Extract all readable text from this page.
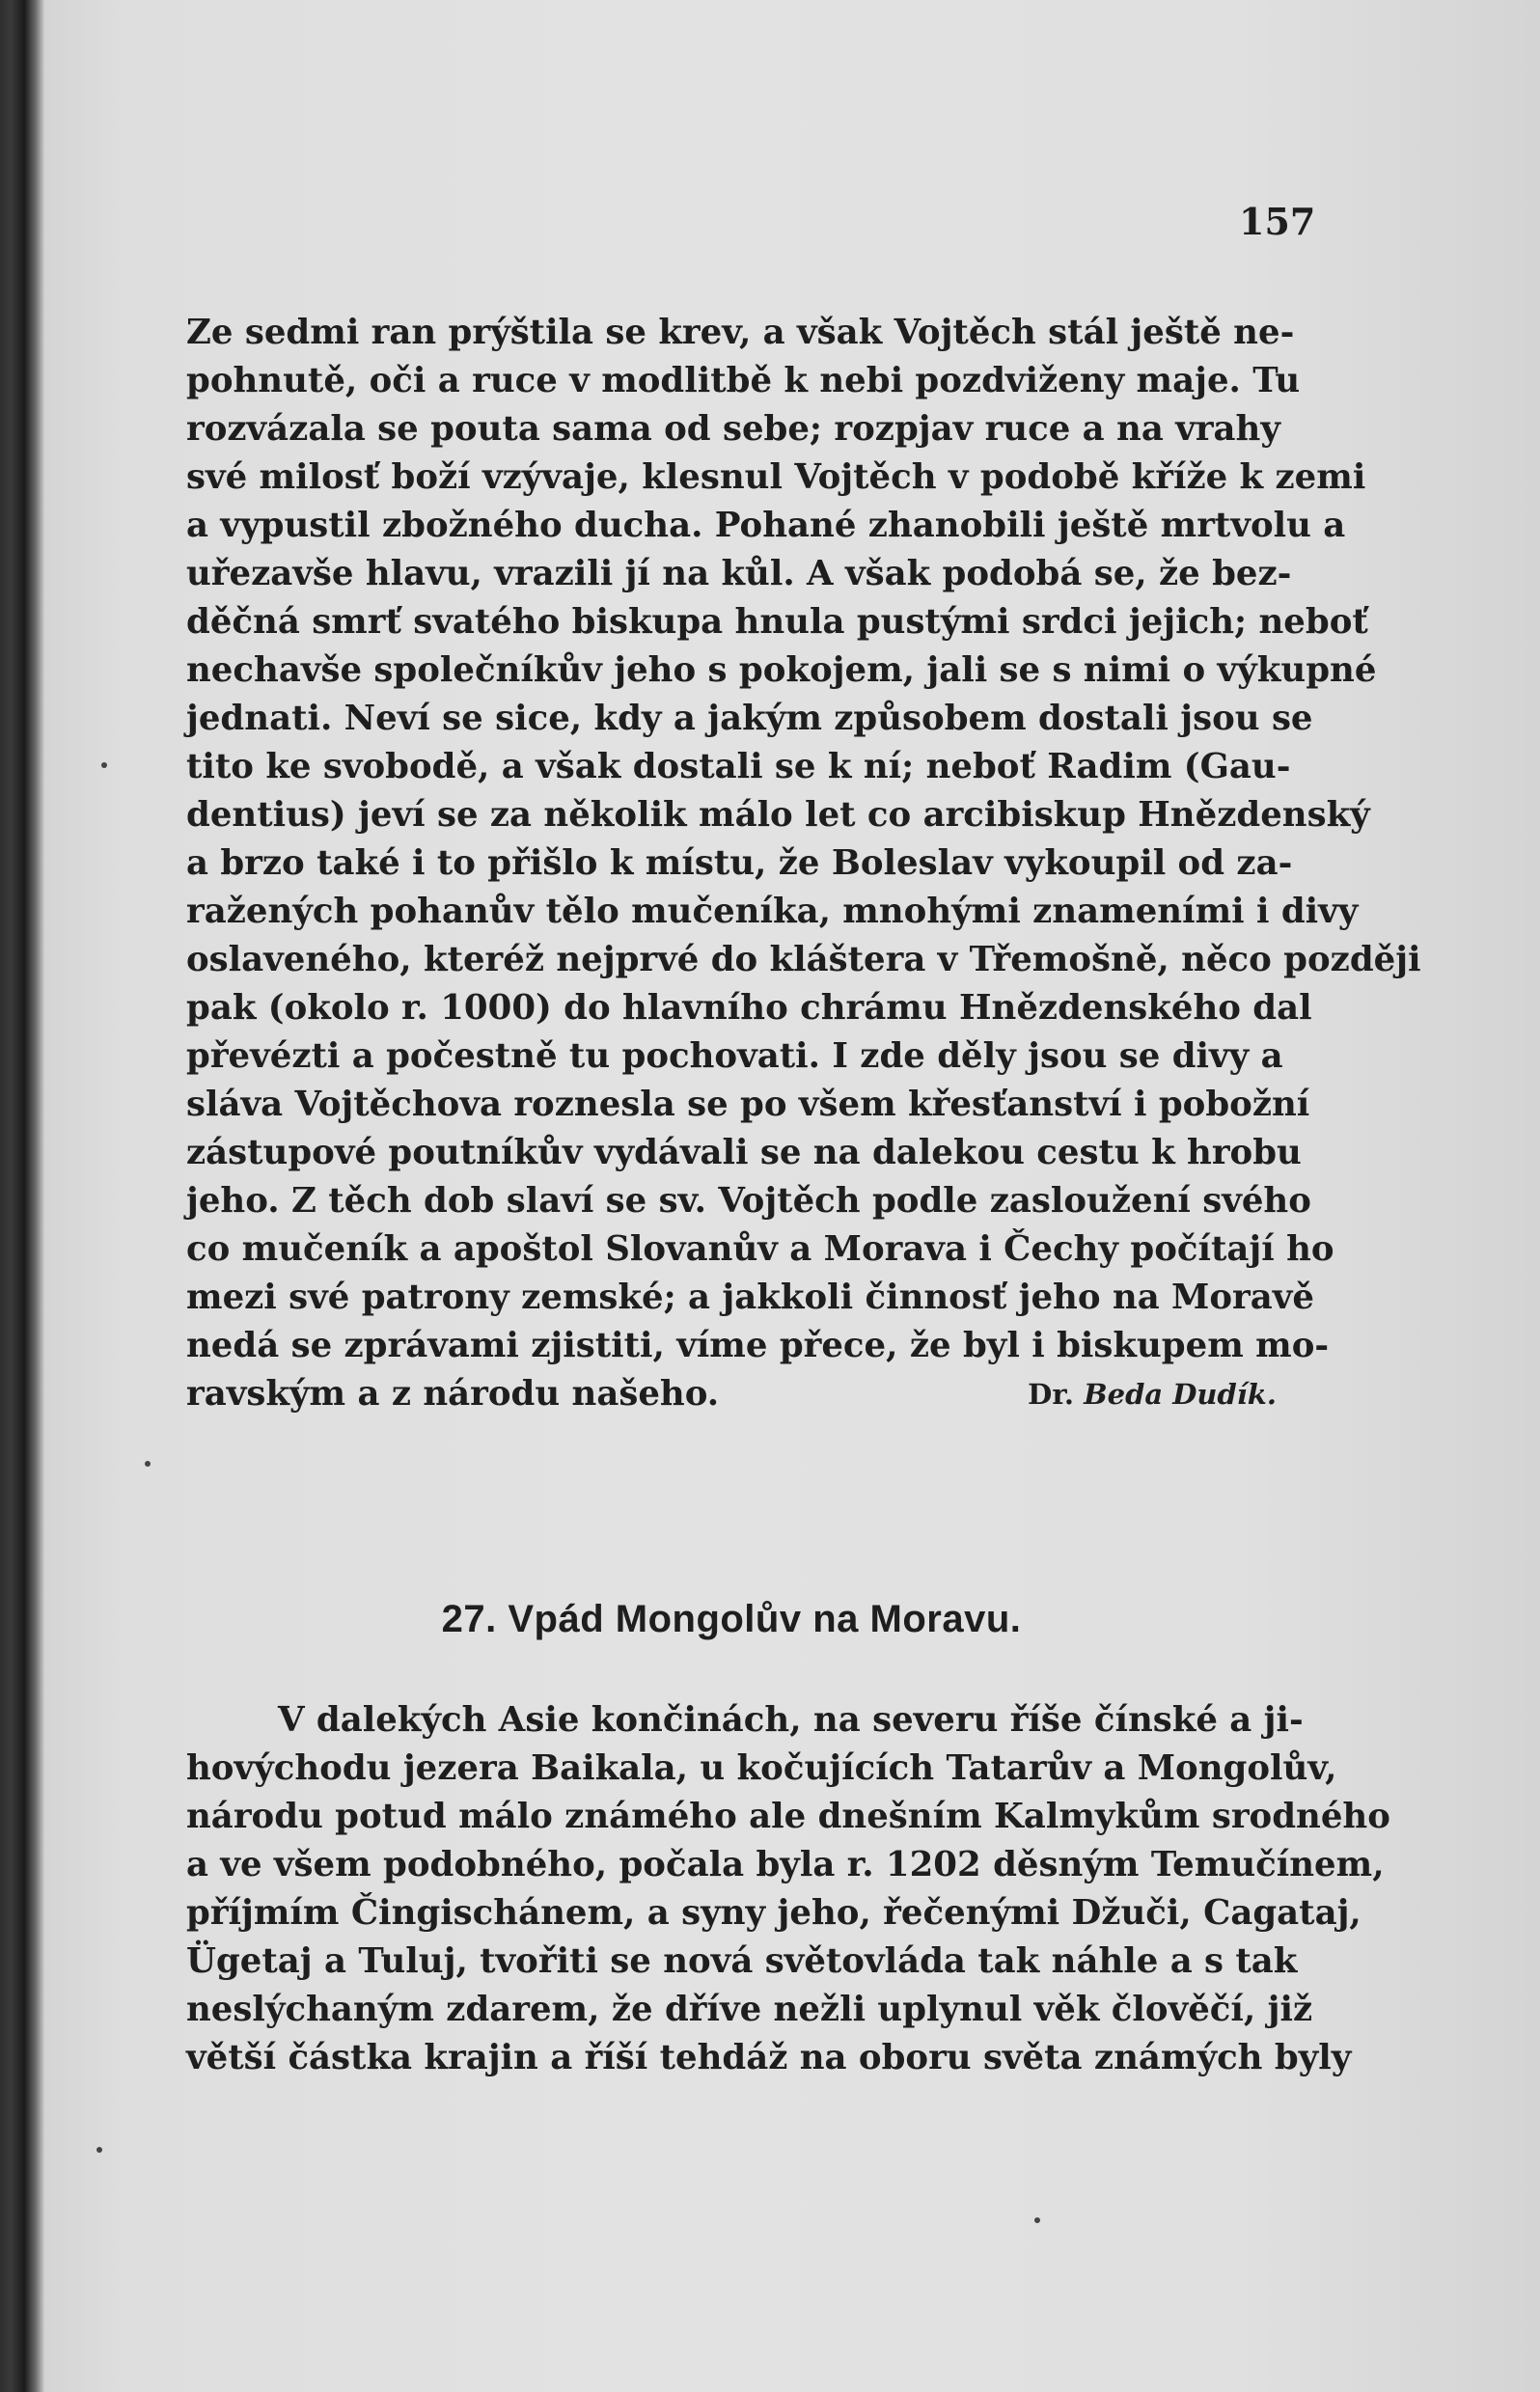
157
Ze sedmi ran prýštila se krev, a však Vojtěch stál ještě ne-
pohnutě, oči a ruce v modlitbě k nebi pozdviženy maje. Tu
rozvázala se pouta sama od sebe; rozpjav ruce a na vrahy
své milosť boží vzývaje, klesnul Vojtěch v podobě kříže k zemi
a vypustil zbožného ducha. Pohané zhanobili ještě mrtvolu a
uřezavše hlavu, vrazili jí na kůl. A však podobá se, že bez-
děčná smrť svatého biskupa hnula pustými srdci jejich; neboť
nechavše společníkův jeho s pokojem, jali se s nimi o výkupné
jednati. Neví se sice, kdy a jakým způsobem dostali jsou se
tito ke svobodě, a však dostali se k ní; neboť Radim (Gau-
dentius) jeví se za několik málo let co arcibiskup Hnězdenský
a brzo také i to přišlo k místu, že Boleslav vykoupil od za-
ražených pohanův tělo mučeníka, mnohými znameními i divy
oslaveného, kteréž nejprvé do kláštera v Třemošně, něco později
pak (okolo r. 1000) do hlavního chrámu Hnězdenského dal
převézti a počestně tu pochovati. I zde děly jsou se divy a
sláva Vojtěchova roznesla se po všem křesťanství i pobožní
zástupové poutníkův vydávali se na dalekou cestu k hrobu
jeho. Z těch dob slaví se sv. Vojtěch podle zasloužení svého
co mučeník a apoštol Slovanův a Morava i Čechy počítají ho
mezi své patrony zemské; a jakkoli činnosť jeho na Moravě
nedá se zprávami zjistiti, víme přece, že byl i biskupem mo-
ravským a z národu našeho.	Dr. Beda Dudík.
27. Vpád Mongolův na Moravu.
V dalekých Asie končinách, na severu říše čínské a ji-
hovýchodu jezera Baikala, u kočujících Tatarův a Mongolův,
národu potud málo známého ale dnešním Kalmykům srodného
a ve všem podobného, počala byla r. 1202 děsným Temučínem,
příjmím Čingischánem, a syny jeho, řečenými Džuči, Cagataj,
Ügetaj a Tuluj, tvořiti se nová světovláda tak náhle a s tak
neslýchaným zdarem, že dříve nežli uplynul věk člověčí, již
větší částka krajin a říší tehdáž na oboru světa známých byly
